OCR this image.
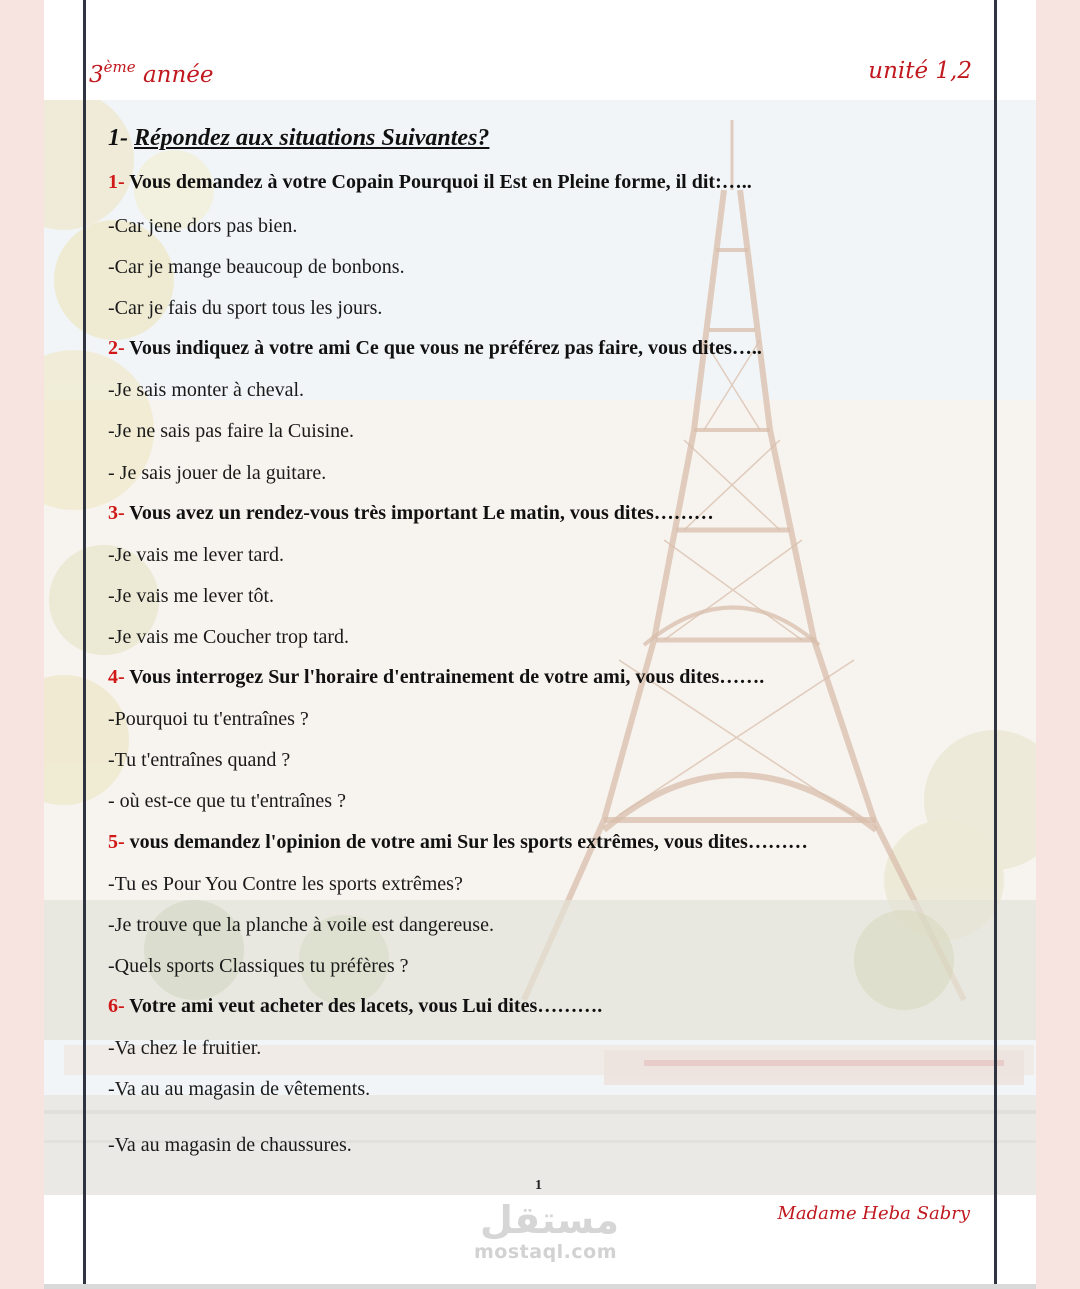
3ème année	unité 1,2
1- Répondez aux situations Suivantes?
1- Vous demandez à votre Copain Pourquoi il Est en Pleine forme, il dit:…..
-Car jene dors pas bien.
-Car je mange beaucoup de bonbons.
-Car je fais du sport tous les jours.
2- Vous indiquez à votre ami Ce que vous ne préférez pas faire, vous dites…..
-Je sais monter à cheval.
-Je ne sais pas faire la Cuisine.
- Je sais jouer de la guitare.
3- Vous avez un rendez-vous très important Le matin, vous dites………
-Je vais me lever tard.
-Je vais me lever tôt.
-Je vais me Coucher trop tard.
4- Vous interrogez Sur l'horaire d'entrainement de votre ami, vous dites…….
-Pourquoi tu t'entraînes ?
-Tu t'entraînes quand ?
- où est-ce que tu t'entraînes ?
5- vous demandez l'opinion de votre ami Sur les sports extrêmes, vous dites………
-Tu es Pour You Contre les sports extrêmes?
-Je trouve que la planche à voile est dangereuse.
-Quels sports Classiques tu préfères ?
6- Votre ami veut acheter des lacets, vous Lui dites……….
-Va chez le fruitier.
-Va au au magasin de vêtements.
-Va au magasin de chaussures.
1
Madame Heba Sabry
مستقل
mostaql.com
